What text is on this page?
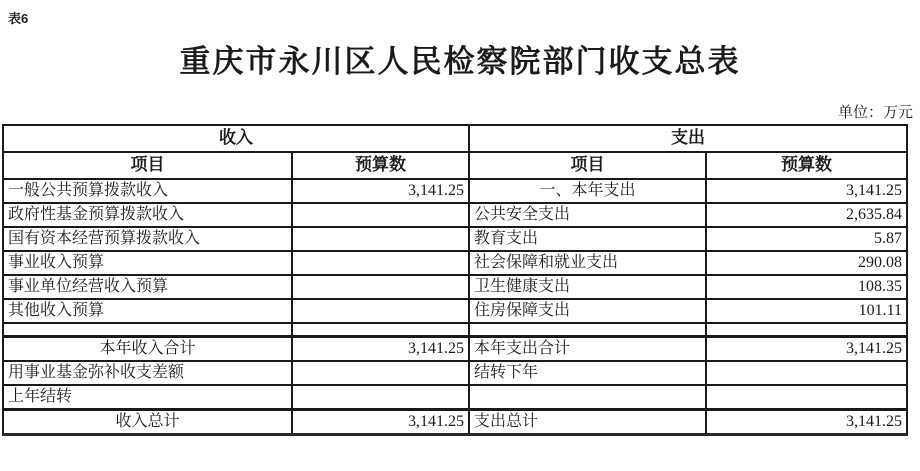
表6
重庆市永川区人民检察院部门收支总表
单位：万元
收入		支出	
项目	预算数	项目	预算数
一般公共预算拨款收入	3,141.25	一、本年支出	3,141.25
政府性基金预算拨款收入		公共安全支出	2,635.84
国有资本经营预算拨款收入		教育支出	5.87
事业收入预算		社会保障和就业支出	290.08
事业单位经营收入预算		卫生健康支出	108.35
其他收入预算		住房保障支出	101.11

本年收入合计	3,141.25	本年支出合计	3,141.25
用事业基金弥补收支差额		结转下年	
上年结转			
收入总计	3,141.25	支出总计	3,141.25
